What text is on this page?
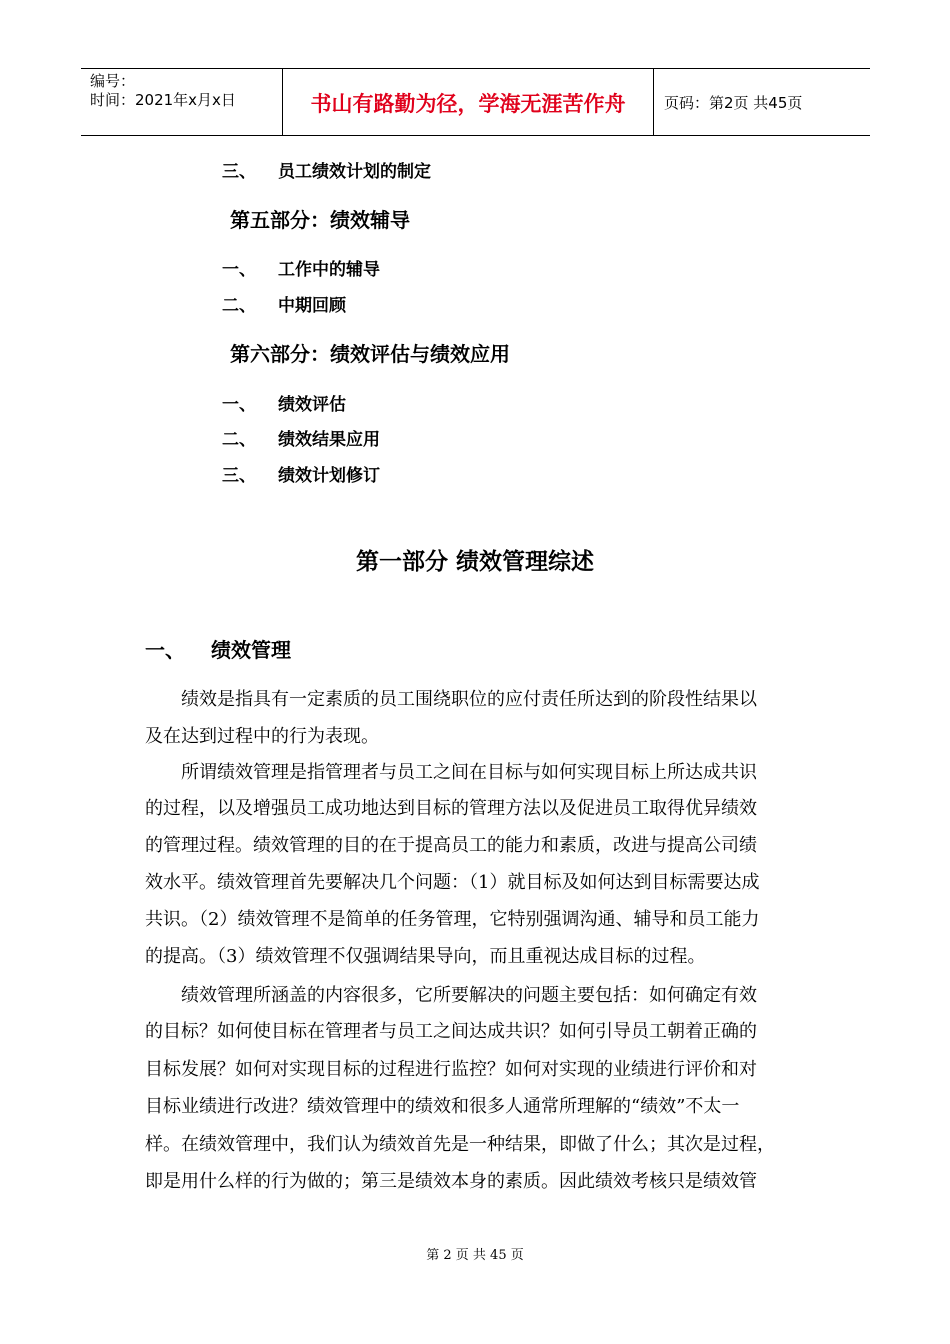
编号：
时间：2021年x月x日	书山有路勤为径，学海无涯苦作舟	页码：第2页 共45页
三、 员工绩效计划的制定
第五部分：绩效辅导
一、 工作中的辅导
二、 中期回顾
第六部分：绩效评估与绩效应用
一、 绩效评估
二、 绩效结果应用
三、 绩效计划修订
第一部分 绩效管理综述
一、 绩效管理
绩效是指具有一定素质的员工围绕职位的应付责任所达到的阶段性结果以
及在达到过程中的行为表现。
所谓绩效管理是指管理者与员工之间在目标与如何实现目标上所达成共识
的过程，以及增强员工成功地达到目标的管理方法以及促进员工取得优异绩效
的管理过程。绩效管理的目的在于提高员工的能力和素质，改进与提高公司绩
效水平。绩效管理首先要解决几个问题：（1）就目标及如何达到目标需要达成
共识。（2）绩效管理不是简单的任务管理，它特别强调沟通、辅导和员工能力
的提高。（3）绩效管理不仅强调结果导向，而且重视达成目标的过程。
绩效管理所涵盖的内容很多，它所要解决的问题主要包括：如何确定有效
的目标？如何使目标在管理者与员工之间达成共识？如何引导员工朝着正确的
目标发展？如何对实现目标的过程进行监控？如何对实现的业绩进行评价和对
目标业绩进行改进？绩效管理中的绩效和很多人通常所理解的“绩效”不太一
样。在绩效管理中，我们认为绩效首先是一种结果，即做了什么；其次是过程，
即是用什么样的行为做的；第三是绩效本身的素质。因此绩效考核只是绩效管
第 2 页 共 45 页
